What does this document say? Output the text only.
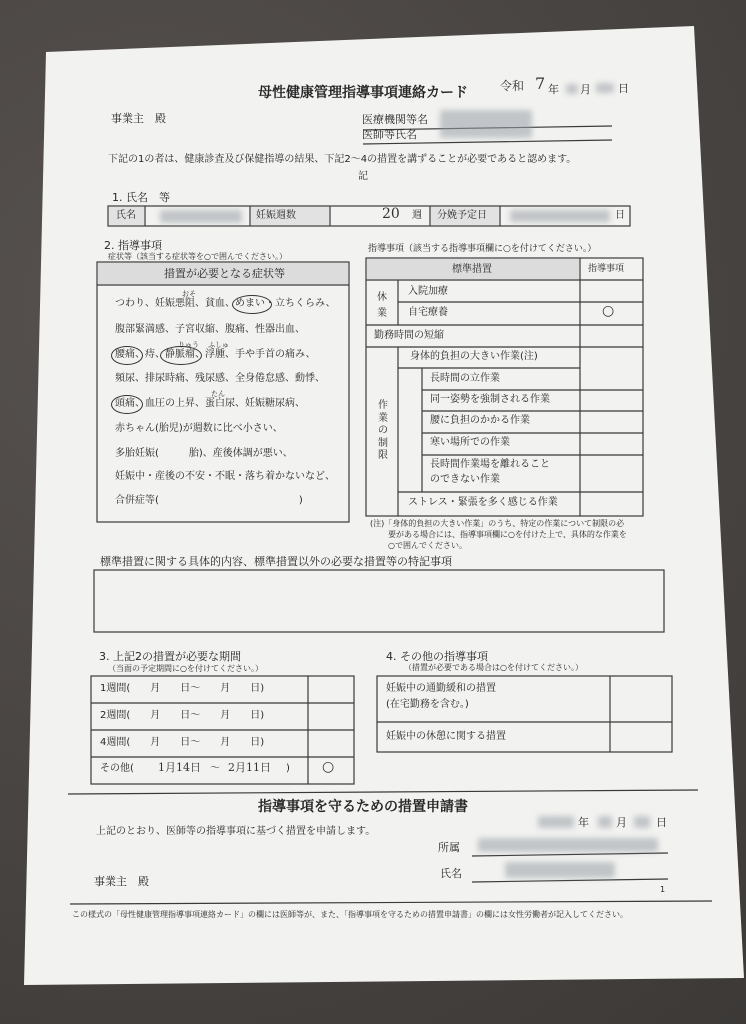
母性健康管理指導事項連絡カード	令和 7 年 月 日
事業主　殿	医療機関等名
医師等氏名
下記の1の者は、健康診査及び保健指導の結果、下記2～4の措置を講ずることが必要であると認めます。
記
1. 氏名　等
氏名	妊娠週数	20 週 分娩予定日	日
2. 指導事項
症状等（該当する症状等を○で囲んでください。）
措置が必要となる症状等
おそ
りゅう ふしゅ
たん
つわり、妊娠悪阻、貧血、めまい・立ちくらみ、
腹部緊満感、子宮収縮、腹痛、性器出血、
腰痛、痔、静脈瘤、浮腫、手や手首の痛み、
頻尿、排尿時痛、残尿感、全身倦怠感、動悸、
頭痛、血圧の上昇、蛋白尿、妊娠糖尿病、
赤ちゃん(胎児)が週数に比べ小さい、
多胎妊娠(　　　胎)、産後体調が悪い、
妊娠中・産後の不安・不眠・落ち着かないなど、
合併症等(　　　　　　　　　　　　　　)
指導事項（該当する指導事項欄に○を付けてください。）
標準措置	指導事項
休業
入院加療
自宅療養	○
勤務時間の短縮
作業の制限
身体的負担の大きい作業(注)
長時間の立作業
同一姿勢を強制される作業
腰に負担のかかる作業
寒い場所での作業
長時間作業場を離れること
のできない作業
ストレス・緊張を多く感じる作業
(注)「身体的負担の大きい作業」のうち、特定の作業について制限の必
要がある場合には、指導事項欄に○を付けた上で、具体的な作業を
○で囲んでください。
標準措置に関する具体的内容、標準措置以外の必要な措置等の特記事項
3. 上記2の措置が必要な期間
（当面の予定期間に○を付けてください。）
1週間(　　月　　日～　　月　　日)
2週間(　　月　　日～　　月　　日)
4週間(　　月　　日～　　月　　日)
その他( 1月14日 ～ 2月11日 ) ○
4. その他の指導事項
（措置が必要である場合は○を付けてください。）
妊娠中の通勤緩和の措置
(在宅勤務を含む。)
妊娠中の休憩に関する措置
指導事項を守るための措置申請書
年 月	日
上記のとおり、医師等の指導事項に基づく措置を申請します。
所属
氏名
事業主　殿
1
この様式の「母性健康管理指導事項連絡カード」の欄には医師等が、また、「指導事項を守るための措置申請書」の欄には女性労働者が記入してください。
